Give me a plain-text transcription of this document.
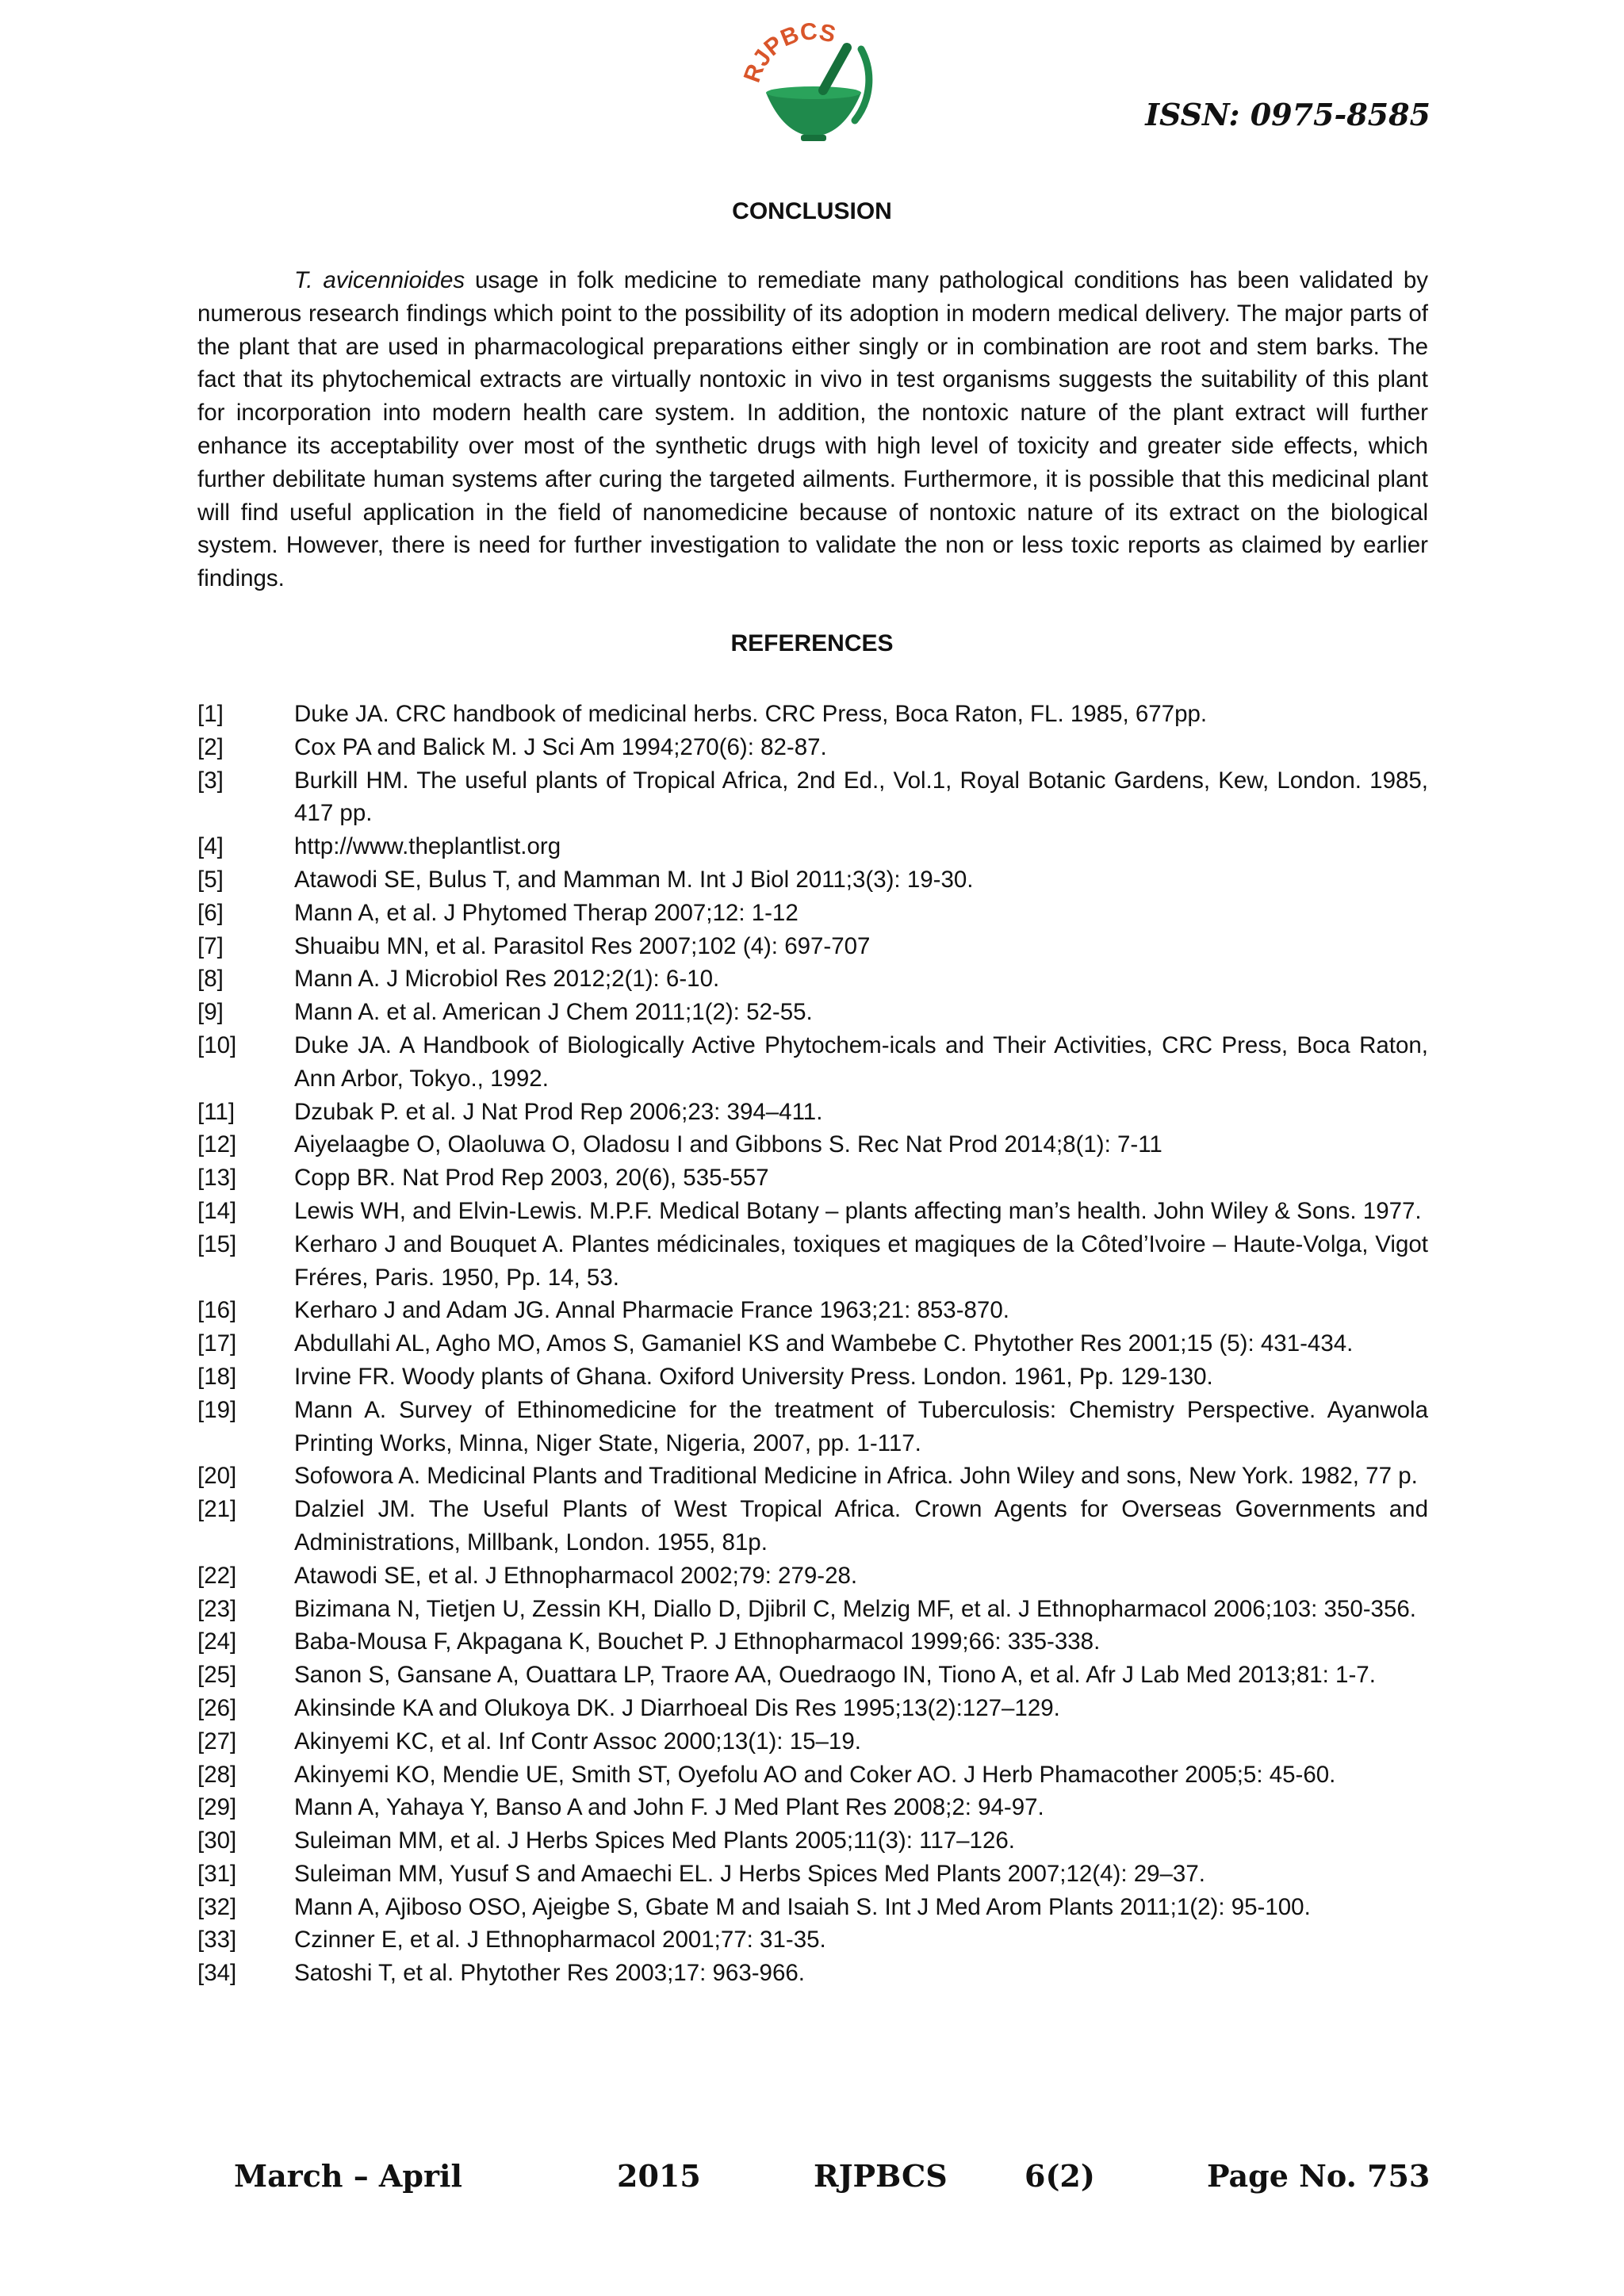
RJPBCS
ISSN: 0975-8585
CONCLUSION
T. avicennioides usage in folk medicine to remediate many pathological conditions has been validated by numerous research findings which point to the possibility of its adoption in modern medical delivery. The major parts of the plant that are used in pharmacological preparations either singly or in combination are root and stem barks. The fact that its phytochemical extracts are virtually nontoxic in vivo in test organisms suggests the suitability of this plant for incorporation into modern health care system. In addition, the nontoxic nature of the plant extract will further enhance its acceptability over most of the synthetic drugs with high level of toxicity and greater side effects, which further debilitate human systems after curing the targeted ailments. Furthermore, it is possible that this medicinal plant will find useful application in the field of nanomedicine because of nontoxic nature of its extract on the biological system. However, there is need for further investigation to validate the non or less toxic reports as claimed by earlier findings.
REFERENCES
[1]	Duke JA. CRC handbook of medicinal herbs. CRC Press, Boca Raton, FL. 1985, 677pp.
[2]	Cox PA and Balick M. J Sci Am 1994;270(6): 82-87.
[3]	Burkill HM. The useful plants of Tropical Africa, 2nd Ed., Vol.1, Royal Botanic Gardens, Kew, London. 1985, 417 pp.
[4]	http://www.theplantlist.org
[5]	Atawodi SE, Bulus T, and Mamman M. Int J Biol 2011;3(3): 19-30.
[6]	Mann A, et al. J Phytomed Therap 2007;12: 1-12
[7]	Shuaibu MN, et al. Parasitol Res 2007;102 (4): 697-707
[8]	Mann A. J Microbiol Res 2012;2(1): 6-10.
[9]	Mann A. et al. American J Chem 2011;1(2): 52-55.
[10]	Duke JA. A Handbook of Biologically Active Phytochem-icals and Their Activities, CRC Press, Boca Raton, Ann Arbor, Tokyo., 1992.
[11]	Dzubak P. et al. J Nat Prod Rep 2006;23: 394–411.
[12]	Aiyelaagbe O, Olaoluwa O, Oladosu I and Gibbons S. Rec Nat Prod 2014;8(1): 7-11
[13]	Copp BR. Nat Prod Rep 2003, 20(6), 535-557
[14]	Lewis WH, and Elvin-Lewis. M.P.F. Medical Botany – plants affecting man’s health. John Wiley & Sons. 1977.
[15]	Kerharo J and Bouquet A. Plantes médicinales, toxiques et magiques de la Côted’Ivoire – Haute-Volga, Vigot Fréres, Paris. 1950, Pp. 14, 53.
[16]	Kerharo J and Adam JG. Annal Pharmacie France 1963;21: 853-870.
[17]	Abdullahi AL, Agho MO, Amos S, Gamaniel KS and Wambebe C. Phytother Res 2001;15 (5): 431-434.
[18]	Irvine FR. Woody plants of Ghana. Oxiford University Press. London. 1961, Pp. 129-130.
[19]	Mann A. Survey of Ethinomedicine for the treatment of Tuberculosis: Chemistry Perspective. Ayanwola Printing Works, Minna, Niger State, Nigeria, 2007, pp. 1-117.
[20]	Sofowora A. Medicinal Plants and Traditional Medicine in Africa. John Wiley and sons, New York. 1982, 77 p.
[21]	Dalziel JM. The Useful Plants of West Tropical Africa. Crown Agents for Overseas Governments and Administrations, Millbank, London. 1955, 81p.
[22]	Atawodi SE, et al. J Ethnopharmacol 2002;79: 279-28.
[23]	Bizimana N, Tietjen U, Zessin KH, Diallo D, Djibril C, Melzig MF, et al. J Ethnopharmacol 2006;103: 350-356.
[24]	Baba-Mousa F, Akpagana K, Bouchet P. J Ethnopharmacol 1999;66: 335-338.
[25]	Sanon S, Gansane A, Ouattara LP, Traore AA, Ouedraogo IN, Tiono A, et al. Afr J Lab Med 2013;81: 1-7.
[26]	Akinsinde KA and Olukoya DK. J Diarrhoeal Dis Res 1995;13(2):127–129.
[27]	Akinyemi KC, et al. Inf Contr Assoc 2000;13(1): 15–19.
[28]	Akinyemi KO, Mendie UE, Smith ST, Oyefolu AO and Coker AO. J Herb Phamacother 2005;5: 45-60.
[29]	Mann A, Yahaya Y, Banso A and John F. J Med Plant Res 2008;2: 94-97.
[30]	Suleiman MM, et al. J Herbs Spices Med Plants 2005;11(3): 117–126.
[31]	Suleiman MM, Yusuf S and Amaechi EL. J Herbs Spices Med Plants 2007;12(4): 29–37.
[32]	Mann A, Ajiboso OSO, Ajeigbe S, Gbate M and Isaiah S. Int J Med Arom Plants 2011;1(2): 95-100.
[33]	Czinner E, et al. J Ethnopharmacol 2001;77: 31-35.
[34]	Satoshi T, et al. Phytother Res 2003;17: 963-966.
March – April	2015	RJPBCS	6(2)	Page No. 753
